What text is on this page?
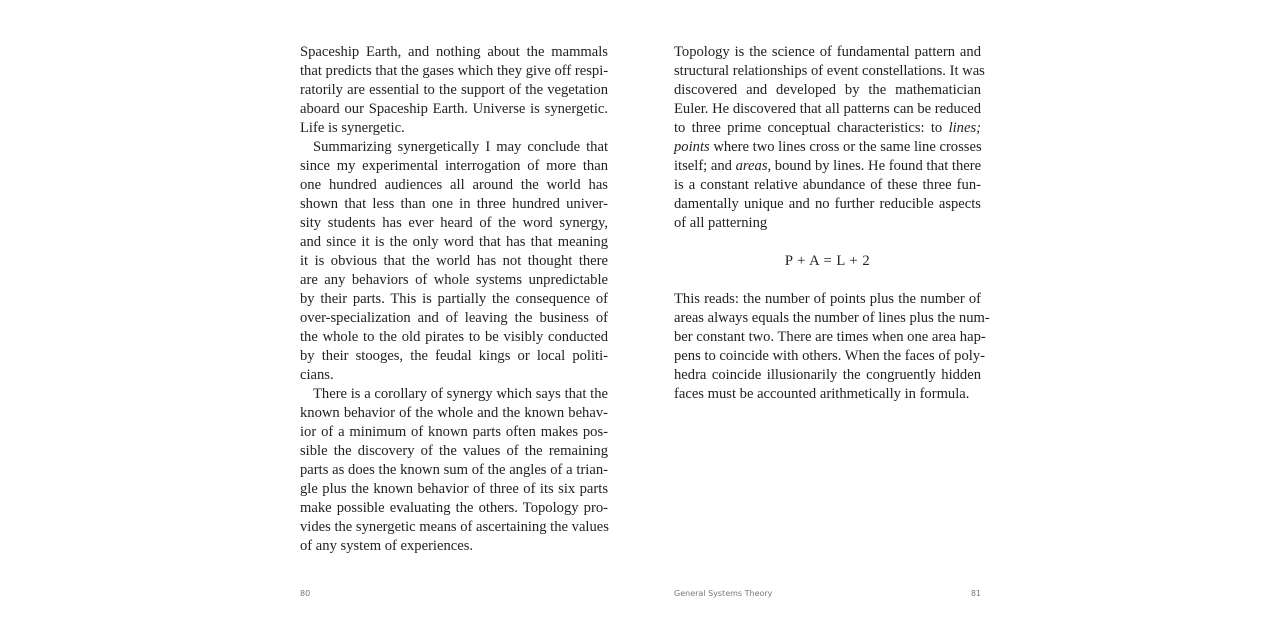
Spaceship Earth, and nothing about the mammals
that predicts that the gases which they give off respi-
ratorily are essential to the support of the vegetation
aboard our Spaceship Earth. Universe is synergetic.
Life is synergetic.
Summarizing synergetically I may conclude that
since my experimental interrogation of more than
one hundred audiences all around the world has
shown that less than one in three hundred univer-
sity students has ever heard of the word synergy,
and since it is the only word that has that meaning
it is obvious that the world has not thought there
are any behaviors of whole systems unpredictable
by their parts. This is partially the consequence of
over-specialization and of leaving the business of
the whole to the old pirates to be visibly conducted
by their stooges, the feudal kings or local politi-
cians.
There is a corollary of synergy which says that the
known behavior of the whole and the known behav-
ior of a minimum of known parts often makes pos-
sible the discovery of the values of the remaining
parts as does the known sum of the angles of a trian-
gle plus the known behavior of three of its six parts
make possible evaluating the others. Topology pro-
vides the synergetic means of ascertaining the values
of any system of experiences.
80
Topology is the science of fundamental pattern and
structural relationships of event constellations. It was
discovered and developed by the mathematician
Euler. He discovered that all patterns can be reduced
to three prime conceptual characteristics: to lines;
points where two lines cross or the same line crosses
itself; and areas, bound by lines. He found that there
is a constant relative abundance of these three fun-
damentally unique and no further reducible aspects
of all patterning
P + A = L + 2
This reads: the number of points plus the number of
areas always equals the number of lines plus the num-
ber constant two. There are times when one area hap-
pens to coincide with others. When the faces of poly-
hedra coincide illusionarily the congruently hidden
faces must be accounted arithmetically in formula.
General Systems Theory	81
